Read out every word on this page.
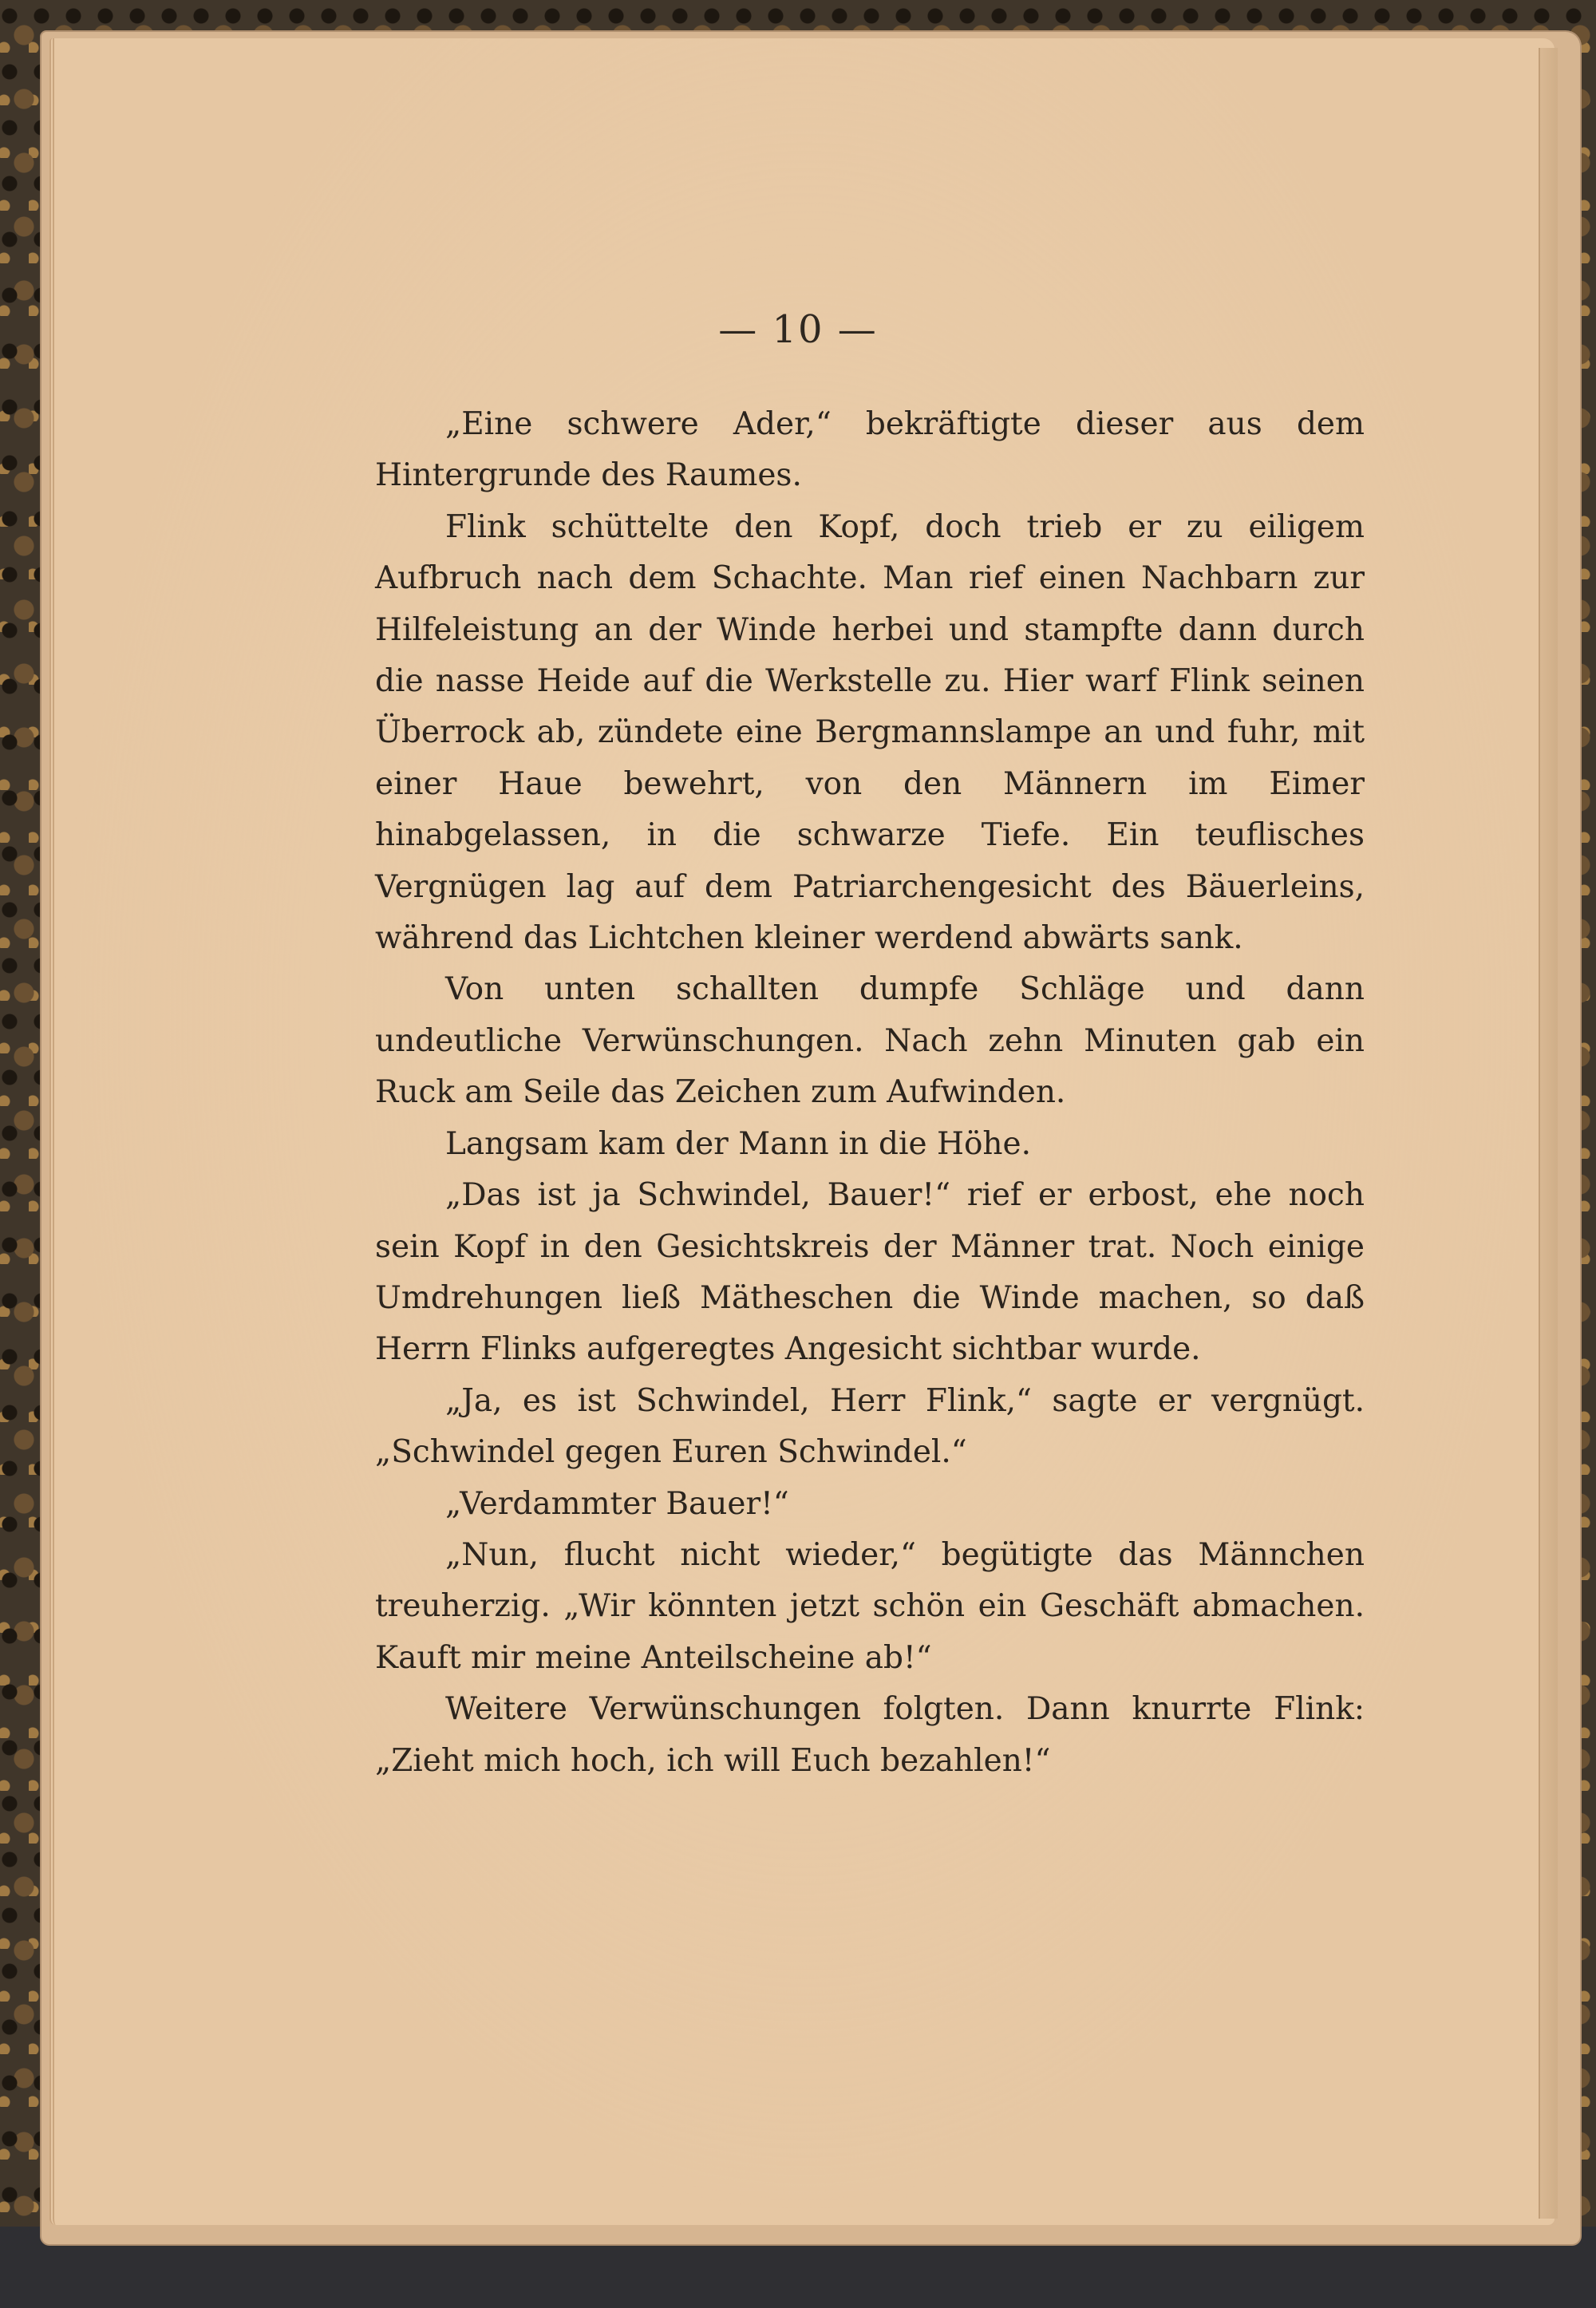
— 10 —

„Eine schwere Ader,“ bekräftigte dieser aus dem Hintergrunde des Raumes.

Flink schüttelte den Kopf, doch trieb er zu eiligem Aufbruch nach dem Schachte. Man rief einen Nachbarn zur Hilfeleistung an der Winde herbei und stampfte dann durch die nasse Heide auf die Werkstelle zu. Hier warf Flink seinen Überrock ab, zündete eine Bergmannslampe an und fuhr, mit einer Haue bewehrt, von den Männern im Eimer hinabgelassen, in die schwarze Tiefe. Ein teuflisches Vergnügen lag auf dem Patriarchengesicht des Bäuerleins, während das Lichtchen kleiner werdend abwärts sank.

Von unten schallten dumpfe Schläge und dann undeutliche Verwünschungen. Nach zehn Minuten gab ein Ruck am Seile das Zeichen zum Aufwinden.

Langsam kam der Mann in die Höhe.

„Das ist ja Schwindel, Bauer!“ rief er erbost, ehe noch sein Kopf in den Gesichtskreis der Männer trat. Noch einige Umdrehungen ließ Mätheschen die Winde machen, so daß Herrn Flinks aufgeregtes Angesicht sichtbar wurde.

„Ja, es ist Schwindel, Herr Flink,“ sagte er vergnügt. „Schwindel gegen Euren Schwindel.“

„Verdammter Bauer!“

„Nun, flucht nicht wieder,“ begütigte das Männchen treuherzig. „Wir könnten jetzt schön ein Geschäft abmachen. Kauft mir meine Anteilscheine ab!“

Weitere Verwünschungen folgten. Dann knurrte Flink: „Zieht mich hoch, ich will Euch bezahlen!“
